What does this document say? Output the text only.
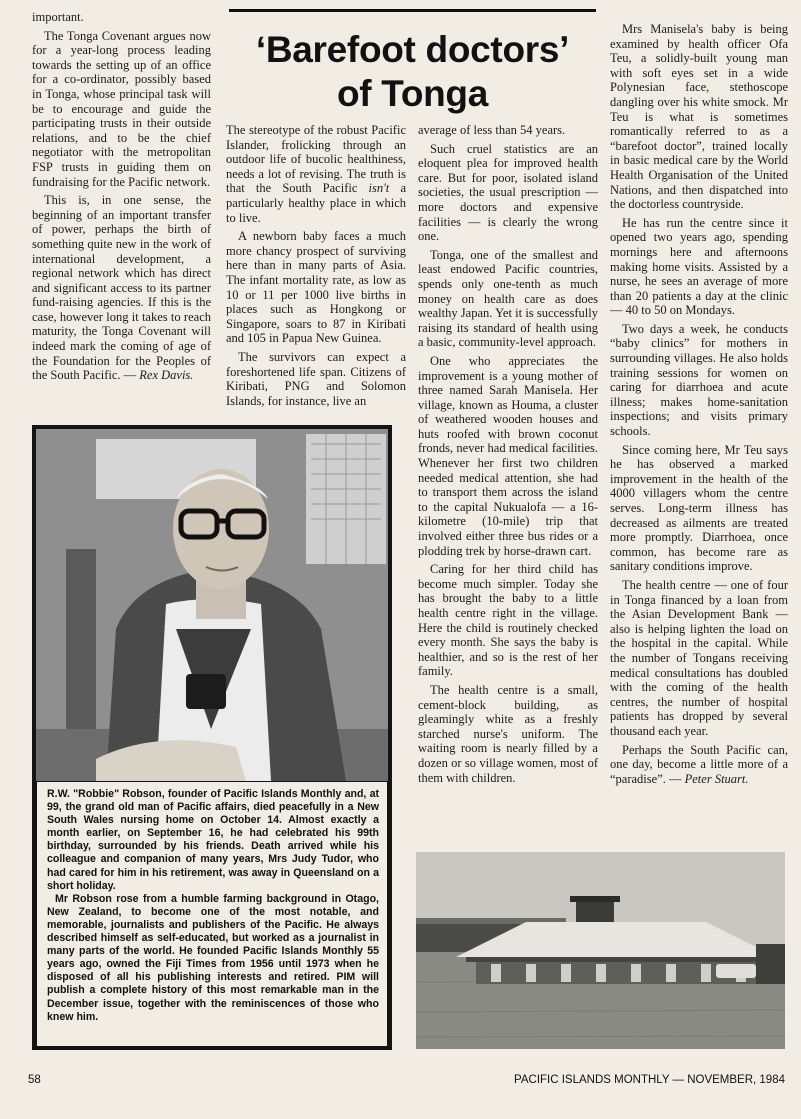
important.

The Tonga Covenant argues now for a year-long process leading towards the setting up of an office for a co-ordinator, possibly based in Tonga, whose principal task will be to encourage and guide the participating trusts in their outside relations, and to be the chief negotiator with the metropolitan FSP trusts in guiding them on fundraising for the Pacific network.

This is, in one sense, the beginning of an important transfer of power, perhaps the birth of something quite new in the work of international development, a regional network which has direct and significant access to its partner fund-raising agencies. If this is the case, however long it takes to reach maturity, the Tonga Covenant will indeed mark the coming of age of the Foundation for the Peoples of the South Pacific. — Rex Davis.

‘Barefoot doctors’
of Tonga

The stereotype of the robust Pacific Islander, frolicking through an outdoor life of bucolic healthiness, needs a lot of revising. The truth is that the South Pacific isn't a particularly healthy place in which to live.

A newborn baby faces a much more chancy prospect of surviving here than in many parts of Asia. The infant mortality rate, as low as 10 or 11 per 1000 live births in places such as Hongkong or Singapore, soars to 87 in Kiribati and 105 in Papua New Guinea.

The survivors can expect a foreshortened life span. Citizens of Kiribati, PNG and Solomon Islands, for instance, live an

average of less than 54 years.

Such cruel statistics are an eloquent plea for improved health care. But for poor, isolated island societies, the usual prescription — more doctors and expensive facilities — is clearly the wrong one.

Tonga, one of the smallest and least endowed Pacific countries, spends only one-tenth as much money on health care as does wealthy Japan. Yet it is successfully raising its standard of health using a basic, community-level approach.

One who appreciates the improvement is a young mother of three named Sarah Manisela. Her village, known as Houma, a cluster of weathered wooden houses and huts roofed with brown coconut fronds, never had medical facilities. Whenever her first two children needed medical attention, she had to transport them across the island to the capital Nukualofa — a 16-kilometre (10-mile) trip that involved either three bus rides or a plodding trek by horse-drawn cart.

Caring for her third child has become much simpler. Today she has brought the baby to a little health centre right in the village. Here the child is routinely checked every month. She says the baby is healthier, and so is the rest of her family.

The health centre is a small, cement-block building, as gleamingly white as a freshly starched nurse's uniform. The waiting room is nearly filled by a dozen or so village women, most of them with children.

Mrs Manisela's baby is being examined by health officer Ofa Teu, a solidly-built young man with soft eyes set in a wide Polynesian face, stethoscope dangling over his white smock. Mr Teu is what is sometimes romantically referred to as a “barefoot doctor”, trained locally in basic medical care by the World Health Organisation of the United Nations, and then dispatched into the doctorless countryside.

He has run the centre since it opened two years ago, spending mornings here and afternoons making home visits. Assisted by a nurse, he sees an average of more than 20 patients a day at the clinic — 40 to 50 on Mondays.

Two days a week, he conducts “baby clinics” for mothers in surrounding villages. He also holds training sessions for women on caring for diarrhoea and acute illness; makes home-sanitation inspections; and visits primary schools.

Since coming here, Mr Teu says he has observed a marked improvement in the health of the 4000 villagers whom the centre serves. Long-term illness has decreased as ailments are treated more promptly. Diarrhoea, once common, has become rare as sanitary conditions improve.

The health centre — one of four in Tonga financed by a loan from the Asian Development Bank — also is helping lighten the load on the hospital in the capital. While the number of Tongans receiving medical consultations has doubled with the coming of the health centres, the number of hospital patients has dropped by several thousand each year.

Perhaps the South Pacific can, one day, become a little more of a “paradise”. — Peter Stuart.

R.W. "Robbie" Robson, founder of Pacific Islands Monthly and, at 99, the grand old man of Pacific affairs, died peacefully in a New South Wales nursing home on October 14. Almost exactly a month earlier, on September 16, he had celebrated his 99th birthday, surrounded by his friends. Death arrived while his colleague and companion of many years, Mrs Judy Tudor, who had cared for him in his retirement, was away in Queensland on a short holiday.

Mr Robson rose from a humble farming background in Otago, New Zealand, to become one of the most notable, and memorable, journalists and publishers of the Pacific. He always described himself as self-educated, but worked as a journalist in many parts of the world. He founded Pacific Islands Monthly 55 years ago, owned the Fiji Times from 1956 until 1973 when he disposed of all his publishing interests and retired. PIM will publish a complete history of this most remarkable man in the December issue, together with the reminiscences of those who knew him.

58	PACIFIC ISLANDS MONTHLY — NOVEMBER, 1984
